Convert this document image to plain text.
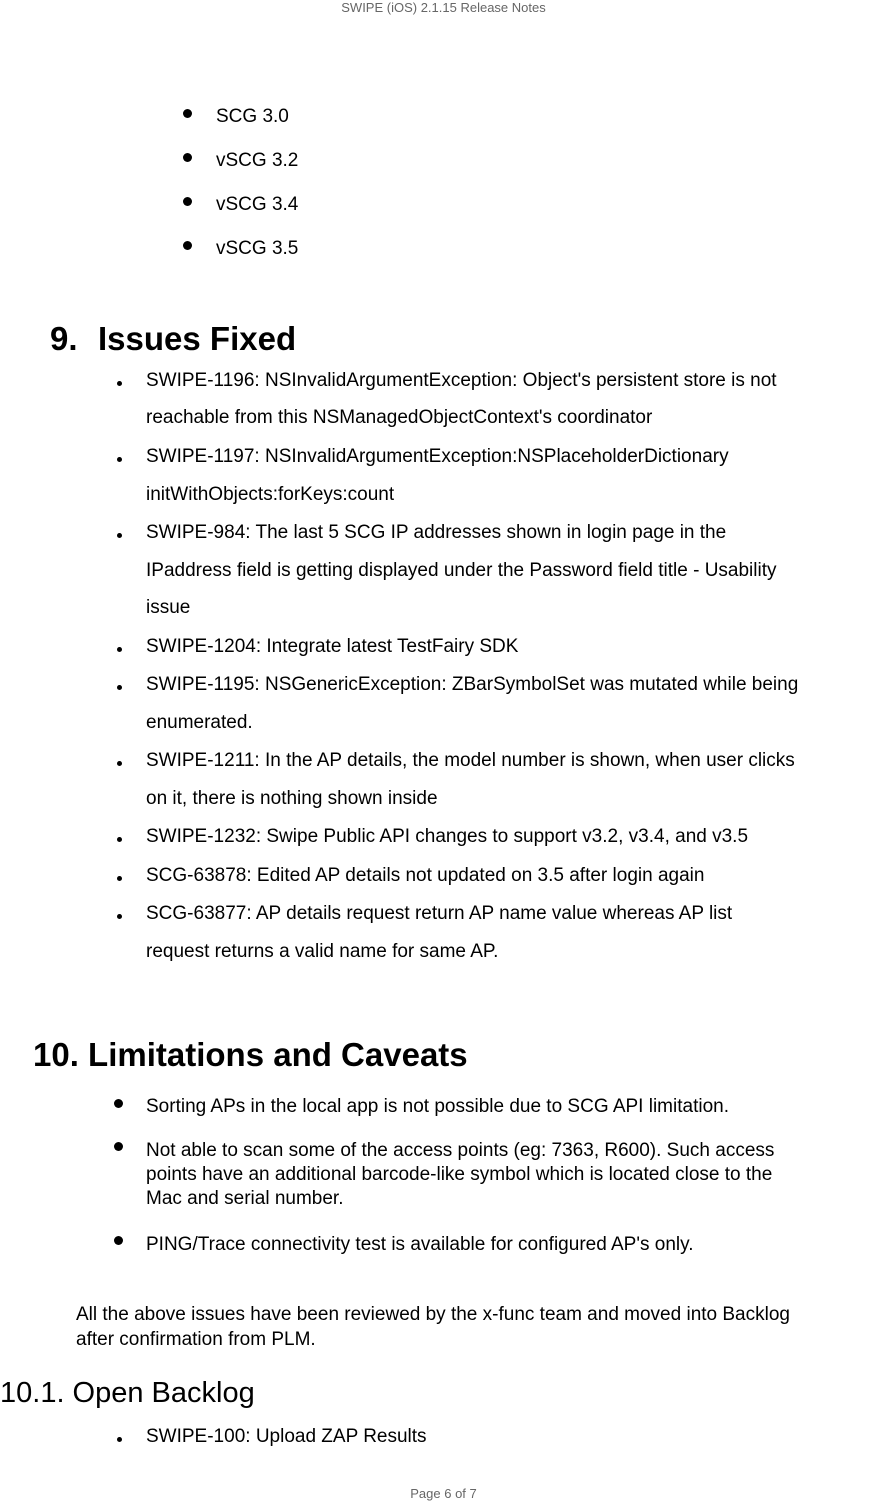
SWIPE (iOS) 2.1.15 Release Notes
SCG 3.0
vSCG 3.2
vSCG 3.4
vSCG 3.5
9. Issues Fixed
SWIPE-1196: NSInvalidArgumentException: Object's persistent store is not
reachable from this NSManagedObjectContext's coordinator
SWIPE-1197: NSInvalidArgumentException:NSPlaceholderDictionary
initWithObjects:forKeys:count
SWIPE-984: The last 5 SCG IP addresses shown in login page in the
IPaddress field is getting displayed under the Password field title - Usability
issue
SWIPE-1204: Integrate latest TestFairy SDK
SWIPE-1195: NSGenericException: ZBarSymbolSet was mutated while being
enumerated.
SWIPE-1211: In the AP details, the model number is shown, when user clicks
on it, there is nothing shown inside
SWIPE-1232: Swipe Public API changes to support v3.2, v3.4, and v3.5
SCG-63878: Edited AP details not updated on 3.5 after login again
SCG-63877: AP details request return AP name value whereas AP list
request returns a valid name for same AP.
10. Limitations and Caveats
Sorting APs in the local app is not possible due to SCG API limitation.
Not able to scan some of the access points (eg: 7363, R600). Such access
points have an additional barcode-like symbol which is located close to the
Mac and serial number.
PING/Trace connectivity test is available for configured AP's only.
All the above issues have been reviewed by the x-func team and moved into Backlog
after confirmation from PLM.
10.1. Open Backlog
SWIPE-100: Upload ZAP Results
Page 6 of 7
